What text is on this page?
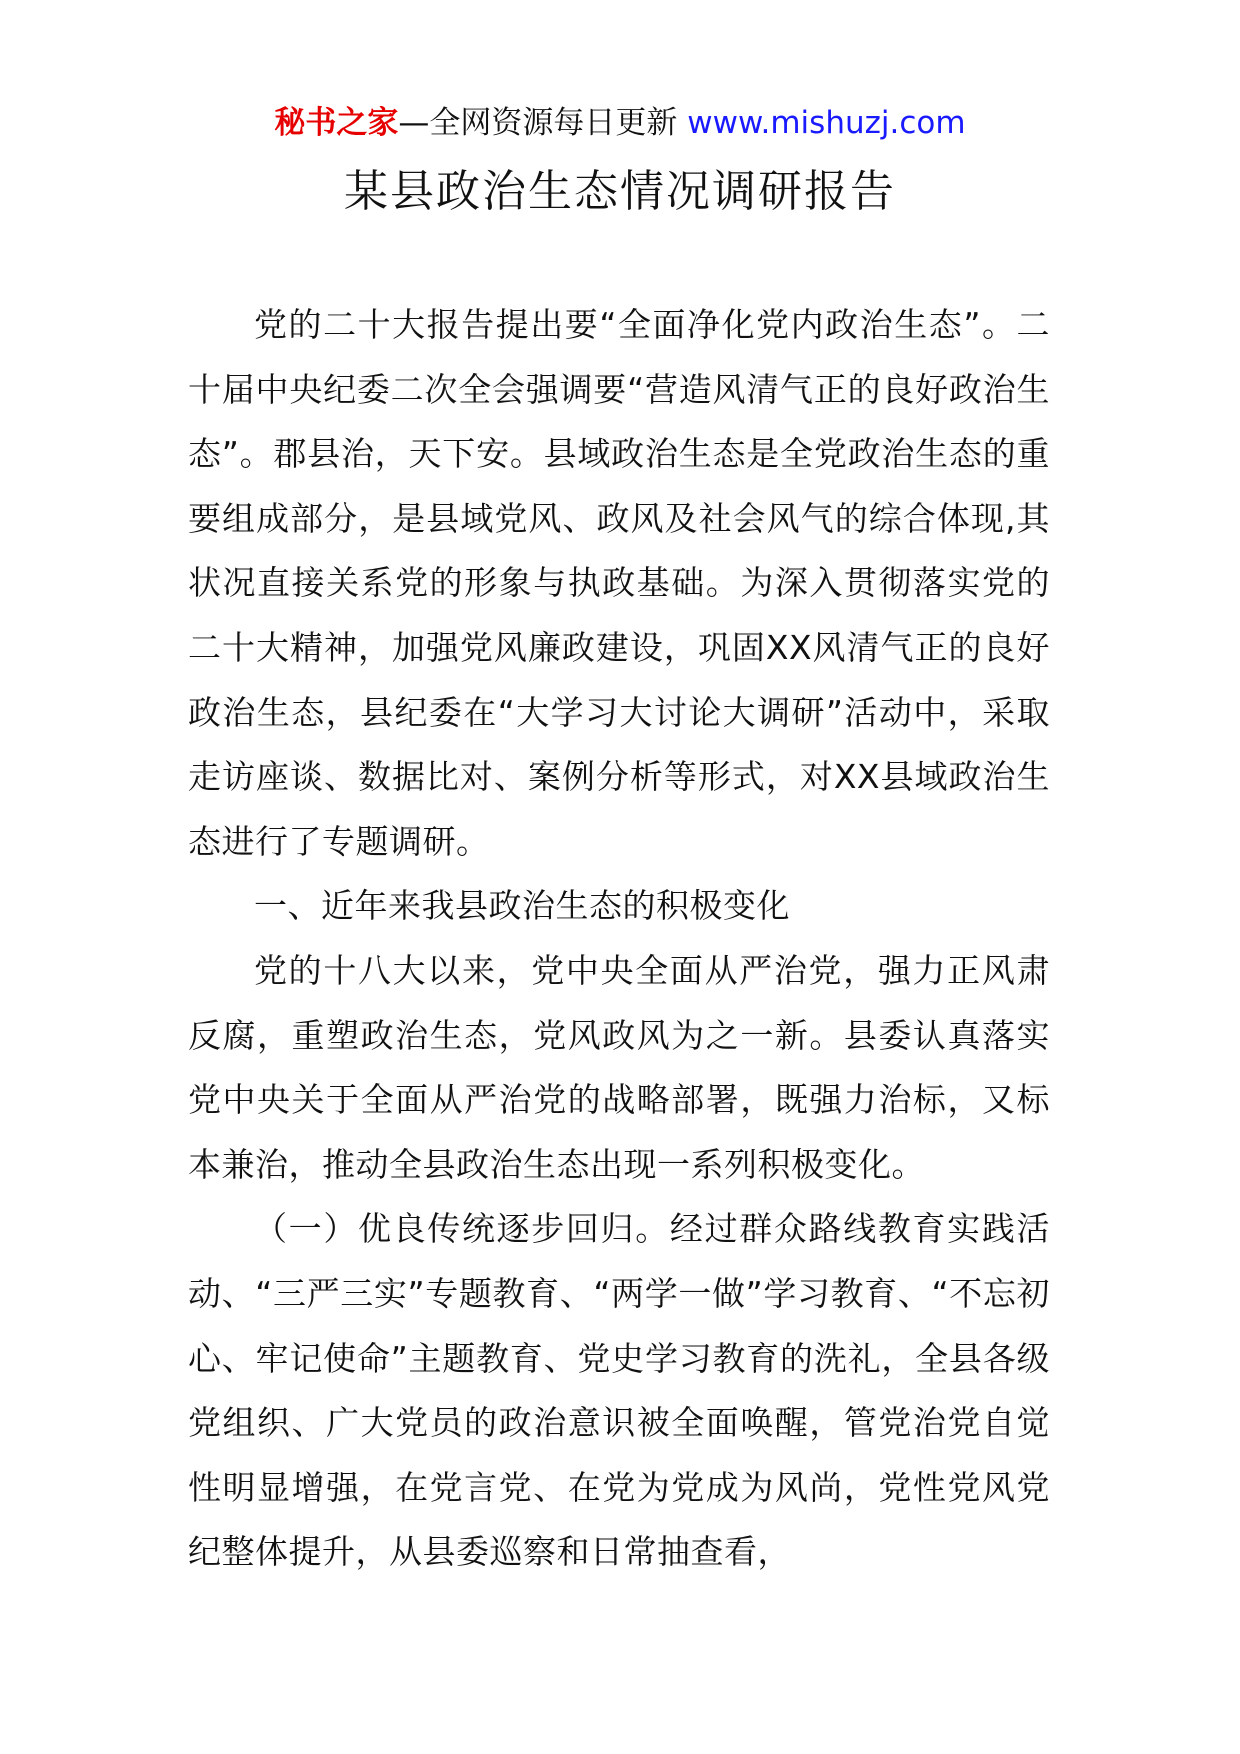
秘书之家—全网资源每日更新 www.mishuzj.com
某县政治生态情况调研报告

党的二十大报告提出要“全面净化党内政治生态”。二十届中央纪委二次全会强调要“营造风清气正的良好政治生态”。郡县治，天下安。县域政治生态是全党政治生态的重要组成部分，是县域党风、政风及社会风气的综合体现,其状况直接关系党的形象与执政基础。为深入贯彻落实党的二十大精神，加强党风廉政建设，巩固XX风清气正的良好政治生态，县纪委在“大学习大讨论大调研”活动中，采取走访座谈、数据比对、案例分析等形式，对XX县域政治生态进行了专题调研。

一、近年来我县政治生态的积极变化

党的十八大以来，党中央全面从严治党，强力正风肃反腐，重塑政治生态，党风政风为之一新。县委认真落实党中央关于全面从严治党的战略部署，既强力治标，又标本兼治，推动全县政治生态出现一系列积极变化。

（一）优良传统逐步回归。经过群众路线教育实践活动、“三严三实”专题教育、“两学一做”学习教育、“不忘初心、牢记使命”主题教育、党史学习教育的洗礼，全县各级党组织、广大党员的政治意识被全面唤醒，管党治党自觉性明显增强，在党言党、在党为党成为风尚，党性党风党纪整体提升，从县委巡察和日常抽查看，
